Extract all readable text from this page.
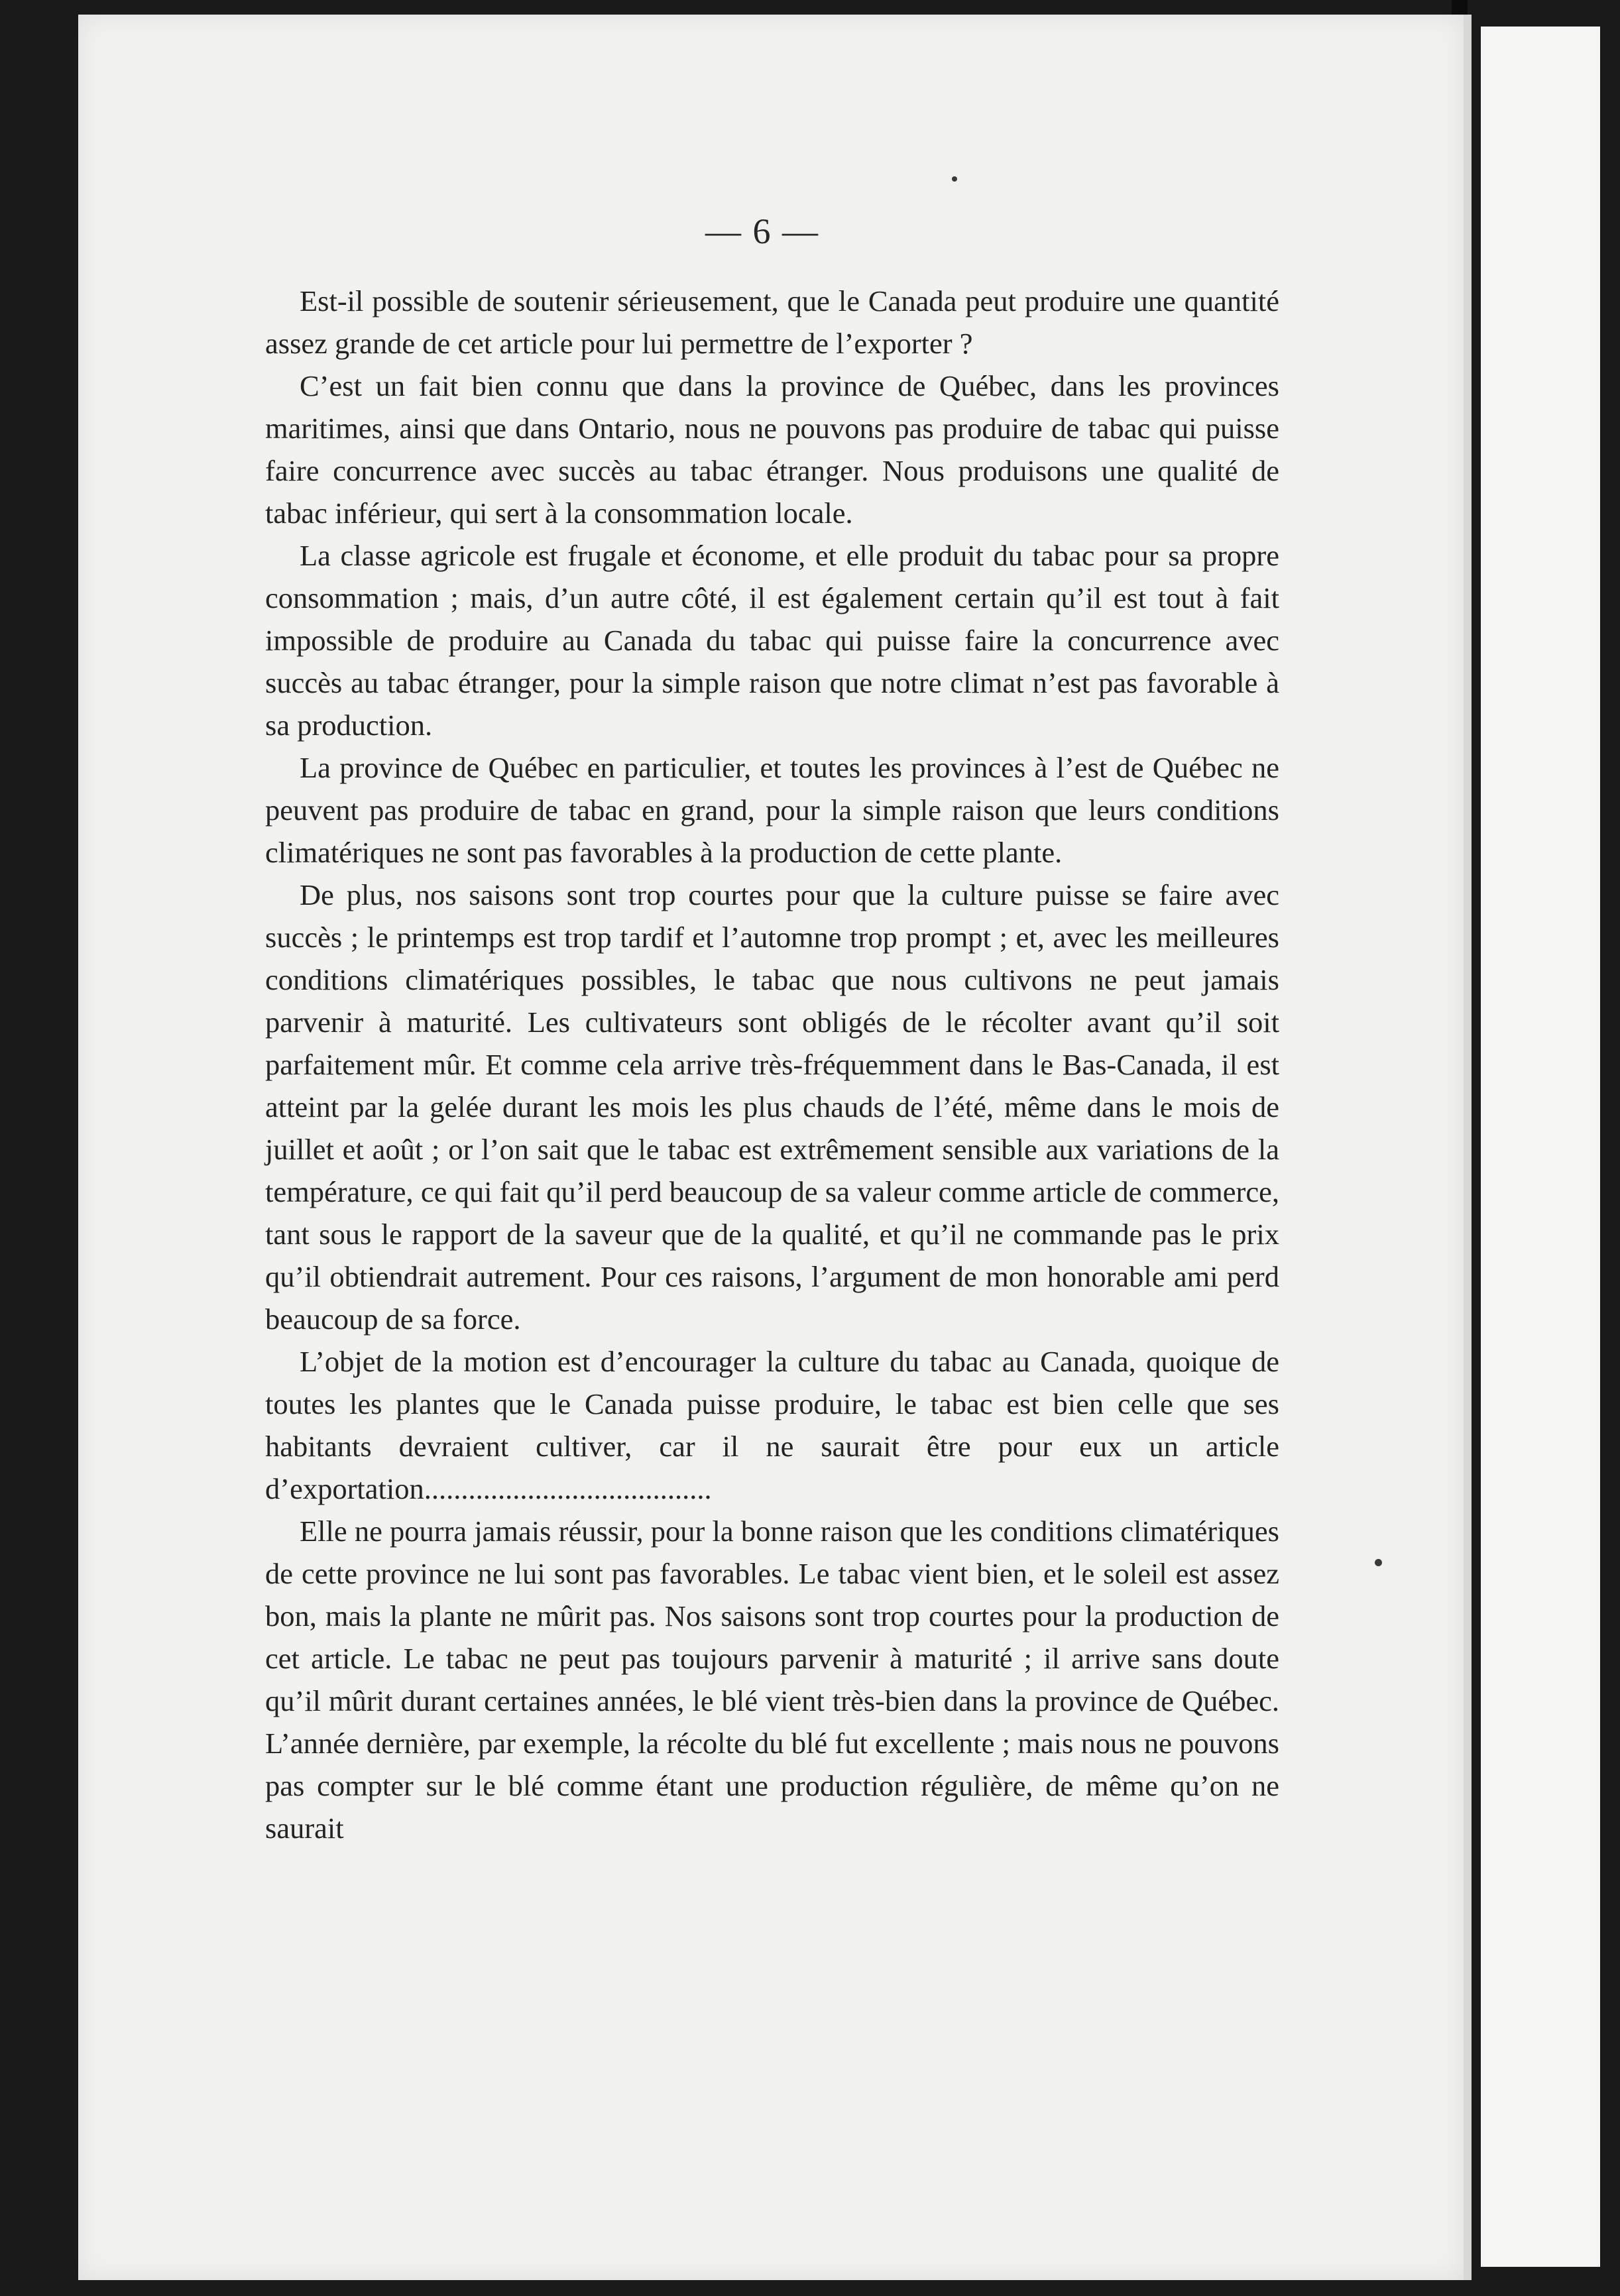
— 6 —

Est-il possible de soutenir sérieusement, que le Canada peut produire une quantité assez grande de cet article pour lui permettre de l’exporter ?

C’est un fait bien connu que dans la province de Québec, dans les provinces maritimes, ainsi que dans Ontario, nous ne pouvons pas produire de tabac qui puisse faire concurrence avec succès au tabac étranger. Nous produisons une qualité de tabac inférieur, qui sert à la consommation locale.

La classe agricole est frugale et économe, et elle produit du tabac pour sa propre consommation ; mais, d’un autre côté, il est également certain qu’il est tout à fait impossible de produire au Canada du tabac qui puisse faire la concurrence avec succès au tabac étranger, pour la simple raison que notre climat n’est pas favorable à sa production.

La province de Québec en particulier, et toutes les provinces à l’est de Québec ne peuvent pas produire de tabac en grand, pour la simple raison que leurs conditions climatériques ne sont pas favorables à la production de cette plante.

De plus, nos saisons sont trop courtes pour que la culture puisse se faire avec succès ; le printemps est trop tardif et l’automne trop prompt ; et, avec les meilleures conditions climatériques possibles, le tabac que nous cultivons ne peut jamais parvenir à maturité. Les cultivateurs sont obligés de le récolter avant qu’il soit parfaitement mûr. Et comme cela arrive très-fréquemment dans le Bas-Canada, il est atteint par la gelée durant les mois les plus chauds de l’été, même dans le mois de juillet et août ; or l’on sait que le tabac est extrêmement sensible aux variations de la température, ce qui fait qu’il perd beaucoup de sa valeur comme article de commerce, tant sous le rapport de la saveur que de la qualité, et qu’il ne commande pas le prix qu’il obtiendrait autrement. Pour ces raisons, l’argument de mon honorable ami perd beaucoup de sa force.

L’objet de la motion est d’encourager la culture du tabac au Canada, quoique de toutes les plantes que le Canada puisse produire, le tabac est bien celle que ses habitants devraient cultiver, car il ne saurait être pour eux un article d’exportation.......................................

Elle ne pourra jamais réussir, pour la bonne raison que les conditions climatériques de cette province ne lui sont pas favorables. Le tabac vient bien, et le soleil est assez bon, mais la plante ne mûrit pas. Nos saisons sont trop courtes pour la production de cet article. Le tabac ne peut pas toujours parvenir à maturité ; il arrive sans doute qu’il mûrit durant certaines années, le blé vient très-bien dans la province de Québec. L’année dernière, par exemple, la récolte du blé fut excellente ; mais nous ne pouvons pas compter sur le blé comme étant une production régulière, de même qu’on ne saurait
